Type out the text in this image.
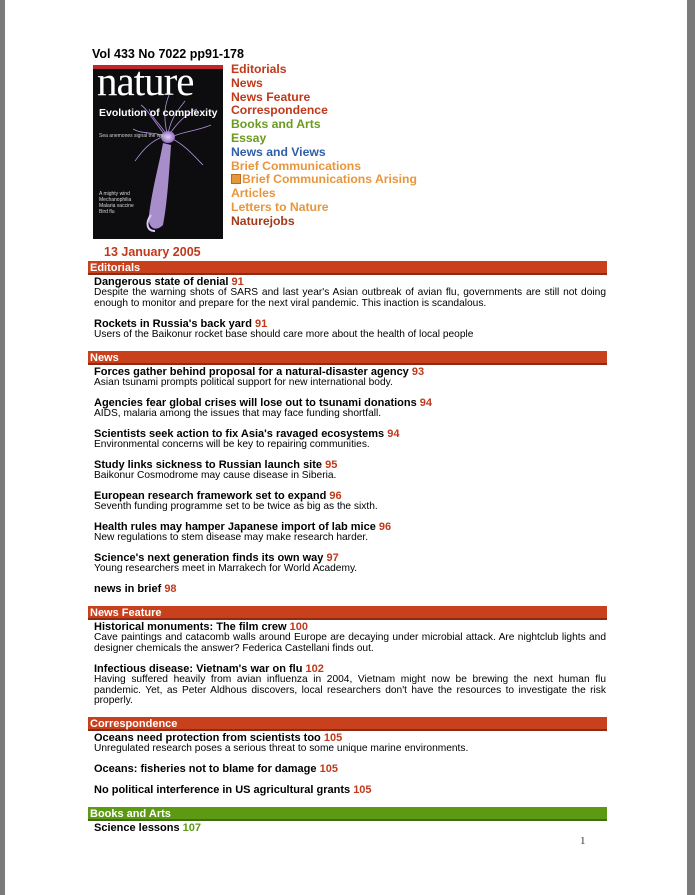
Vol 433 No 7022 pp91-178
nature
Evolution of complexity
Sea anemones signal the way
A mighty wind
Mechanophilia
Malaria vaccine
Bird flu
Editorials
News
News Feature
Correspondence
Books and Arts
Essay
News and Views
Brief Communications
Brief Communications Arising
Articles
Letters to Nature
Naturejobs
13 January 2005
Editorials
Dangerous state of denial 91
Despite the warning shots of SARS and last year's Asian outbreak of avian flu, governments are still not doing enough to monitor and prepare for the next viral pandemic. This inaction is scandalous.
Rockets in Russia's back yard 91
Users of the Baikonur rocket base should care more about the health of local people
News
Forces gather behind proposal for a natural-disaster agency 93
Asian tsunami prompts political support for new international body.
Agencies fear global crises will lose out to tsunami donations 94
AIDS, malaria among the issues that may face funding shortfall.
Scientists seek action to fix Asia's ravaged ecosystems 94
Environmental concerns will be key to repairing communities.
Study links sickness to Russian launch site 95
Baikonur Cosmodrome may cause disease in Siberia.
European research framework set to expand 96
Seventh funding programme set to be twice as big as the sixth.
Health rules may hamper Japanese import of lab mice 96
New regulations to stem disease may make research harder.
Science's next generation finds its own way 97
Young researchers meet in Marrakech for World Academy.
news in brief 98
News Feature
Historical monuments: The film crew 100
Cave paintings and catacomb walls around Europe are decaying under microbial attack. Are nightclub lights and designer chemicals the answer? Federica Castellani finds out.
Infectious disease: Vietnam's war on flu 102
Having suffered heavily from avian influenza in 2004, Vietnam might now be brewing the next human flu pandemic. Yet, as Peter Aldhous discovers, local researchers don't have the resources to investigate the risk properly.
Correspondence
Oceans need protection from scientists too 105
Unregulated research poses a serious threat to some unique marine environments.
Oceans: fisheries not to blame for damage 105
No political interference in US agricultural grants 105
Books and Arts
Science lessons 107
1
